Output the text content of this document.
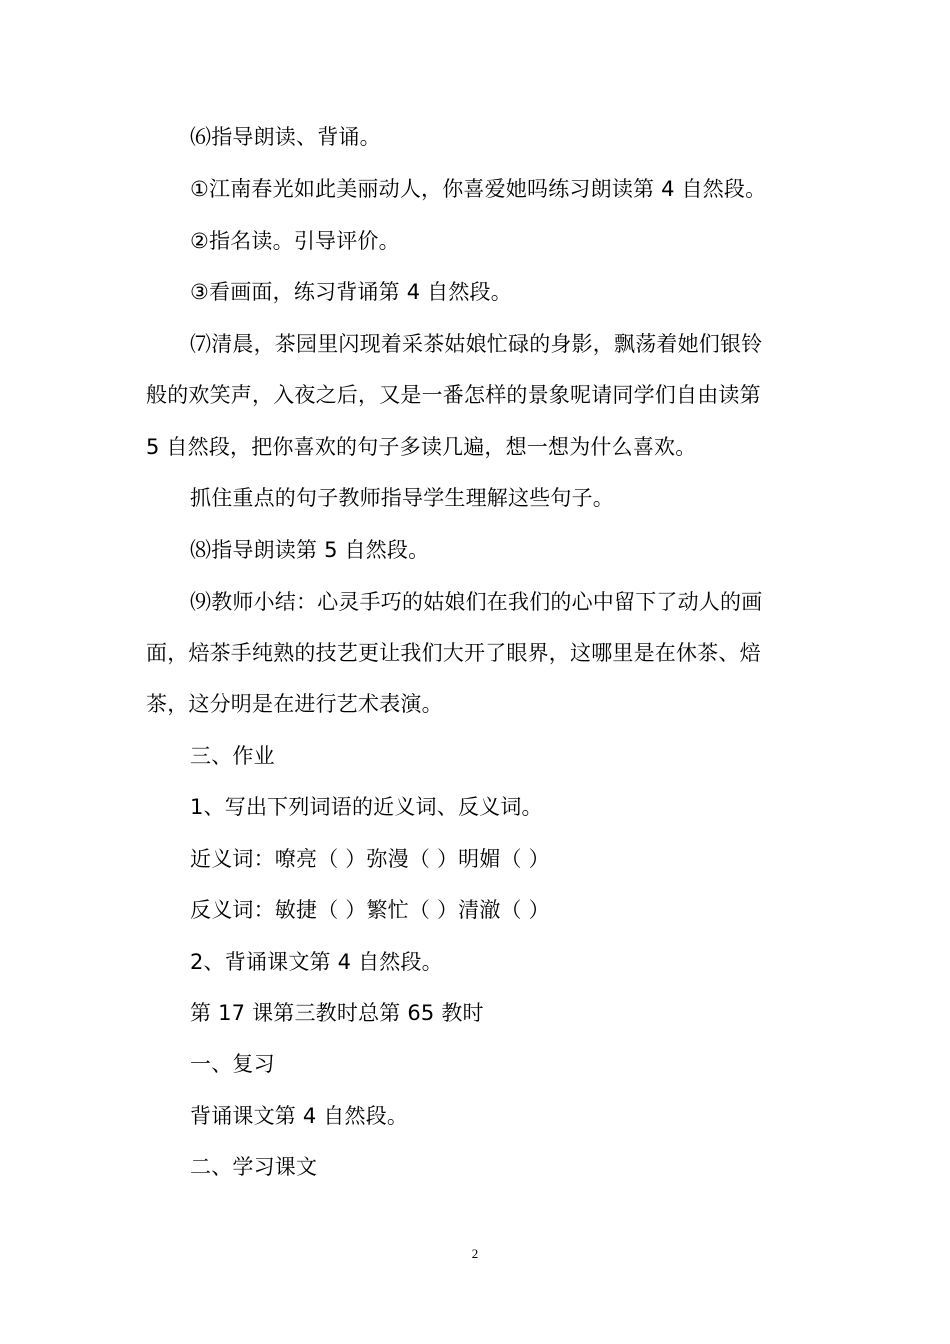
⑹指导朗读、背诵。
①江南春光如此美丽动人，你喜爱她吗练习朗读第 4 自然段。
②指名读。引导评价。
③看画面，练习背诵第 4 自然段。
⑺清晨，茶园里闪现着采茶姑娘忙碌的身影，飘荡着她们银铃
般的欢笑声，入夜之后，又是一番怎样的景象呢请同学们自由读第
5 自然段，把你喜欢的句子多读几遍，想一想为什么喜欢。
抓住重点的句子教师指导学生理解这些句子。
⑻指导朗读第 5 自然段。
⑼教师小结：心灵手巧的姑娘们在我们的心中留下了动人的画
面，焙茶手纯熟的技艺更让我们大开了眼界，这哪里是在休茶、焙
茶，这分明是在进行艺术表演。
三、作业
1、写出下列词语的近义词、反义词。
近义词：嘹亮（ ）弥漫（ ）明媚（ ）
反义词：敏捷（ ）繁忙（ ）清澈（ ）
2、背诵课文第 4 自然段。
第 17 课第三教时总第 65 教时
一、复习
背诵课文第 4 自然段。
二、学习课文
2
